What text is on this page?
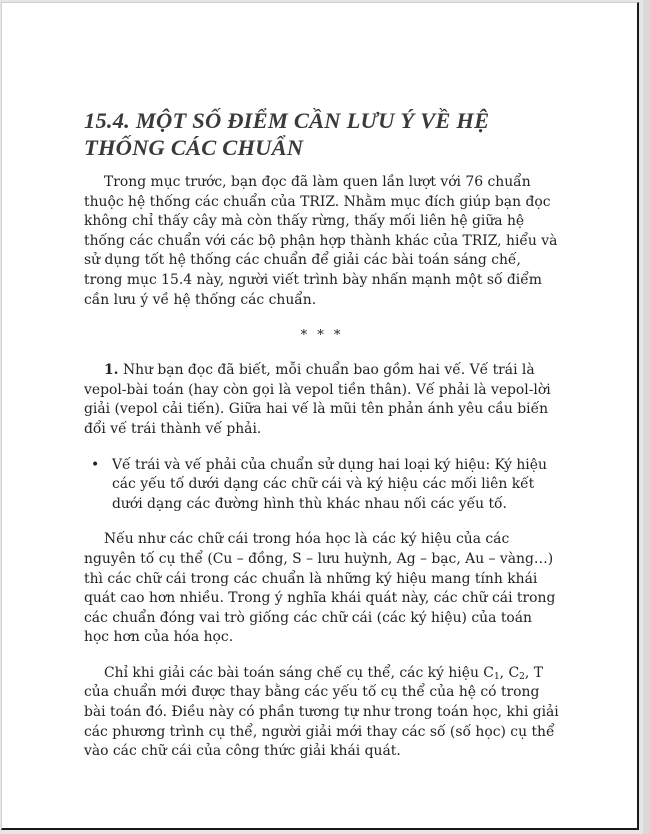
15.4. MỘT SỐ ĐIỂM CẦN LƯU Ý VỀ HỆ THỐNG CÁC CHUẨN

Trong mục trước, bạn đọc đã làm quen lần lượt với 76 chuẩn thuộc hệ thống các chuẩn của TRIZ. Nhằm mục đích giúp bạn đọc không chỉ thấy cây mà còn thấy rừng, thấy mối liên hệ giữa hệ thống các chuẩn với các bộ phận hợp thành khác của TRIZ, hiểu và sử dụng tốt hệ thống các chuẩn để giải các bài toán sáng chế, trong mục 15.4 này, người viết trình bày nhấn mạnh một số điểm cần lưu ý về hệ thống các chuẩn.

* * *

1. Như bạn đọc đã biết, mỗi chuẩn bao gồm hai vế. Vế trái là vepol-bài toán (hay còn gọi là vepol tiền thân). Vế phải là vepol-lời giải (vepol cải tiến). Giữa hai vế là mũi tên phản ánh yêu cầu biến đổi vế trái thành vế phải.

• Vế trái và vế phải của chuẩn sử dụng hai loại ký hiệu: Ký hiệu các yếu tố dưới dạng các chữ cái và ký hiệu các mối liên kết dưới dạng các đường hình thù khác nhau nối các yếu tố.

Nếu như các chữ cái trong hóa học là các ký hiệu của các nguyên tố cụ thể (Cu – đồng, S – lưu huỳnh, Ag – bạc, Au – vàng…) thì các chữ cái trong các chuẩn là những ký hiệu mang tính khái quát cao hơn nhiều. Trong ý nghĩa khái quát này, các chữ cái trong các chuẩn đóng vai trò giống các chữ cái (các ký hiệu) của toán học hơn của hóa học.

Chỉ khi giải các bài toán sáng chế cụ thể, các ký hiệu $C_1$, $C_2$, T của chuẩn mới được thay bằng các yếu tố cụ thể của hệ có trong bài toán đó. Điều này có phần tương tự như trong toán học, khi giải các phương trình cụ thể, người giải mới thay các số (số học) cụ thể vào các chữ cái của công thức giải khái quát.
